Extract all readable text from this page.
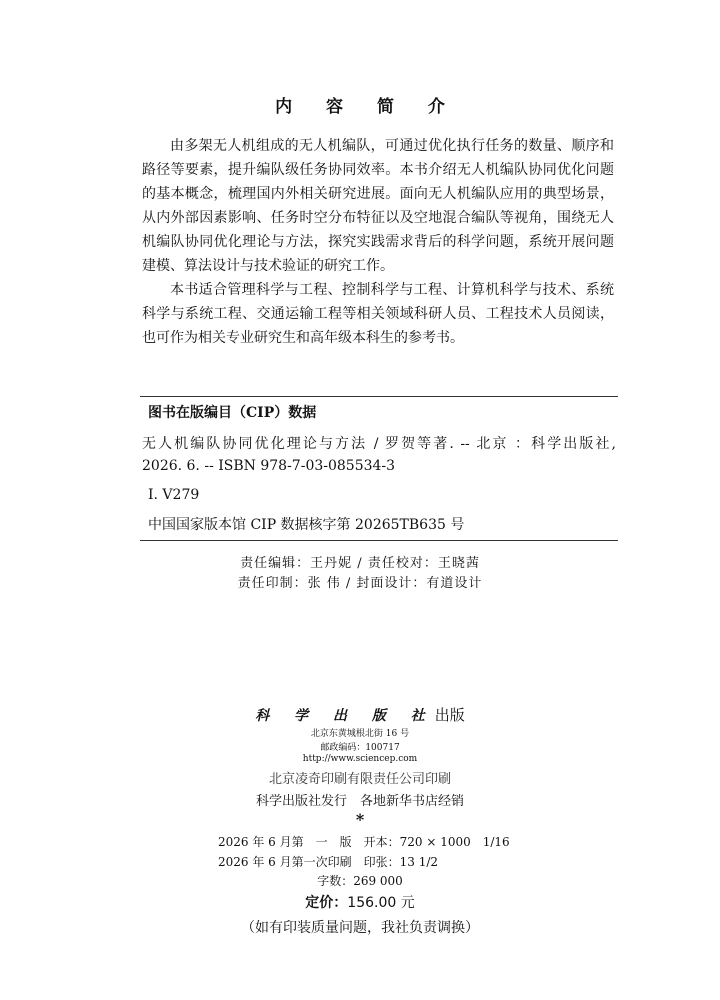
内 容 简 介

由多架无人机组成的无人机编队，可通过优化执行任务的数量、顺序和路径等要素，提升编队级任务协同效率。本书介绍无人机编队协同优化问题的基本概念，梳理国内外相关研究进展。面向无人机编队应用的典型场景，从内外部因素影响、任务时空分布特征以及空地混合编队等视角，围绕无人机编队协同优化理论与方法，探究实践需求背后的科学问题，系统开展问题建模、算法设计与技术验证的研究工作。

本书适合管理科学与工程、控制科学与工程、计算机科学与技术、系统科学与系统工程、交通运输工程等相关领域科研人员、工程技术人员阅读，也可作为相关专业研究生和高年级本科生的参考书。

图书在版编目（CIP）数据
无人机编队协同优化理论与方法 / 罗贺等著. -- 北京 ：科学出版社,
2026. 6. -- ISBN 978-7-03-085534-3
Ⅰ. V279
中国国家版本馆 CIP 数据核字第 20265TB635 号
责任编辑：王丹妮 / 责任校对：王晓茜
责任印制：张 伟 / 封面设计：有道设计
科 学 出 版 社出版
北京东黄城根北街 16 号
邮政编码：100717
http://www.sciencep.com
北京凌奇印刷有限责任公司印刷
科学出版社发行　各地新华书店经销
*
2026 年 6 月第　一　版　开本：720 × 1000　1/16
2026 年 6 月第一次印刷　印张：13 1/2
字数：269 000
定价：156.00 元
（如有印装质量问题，我社负责调换）
